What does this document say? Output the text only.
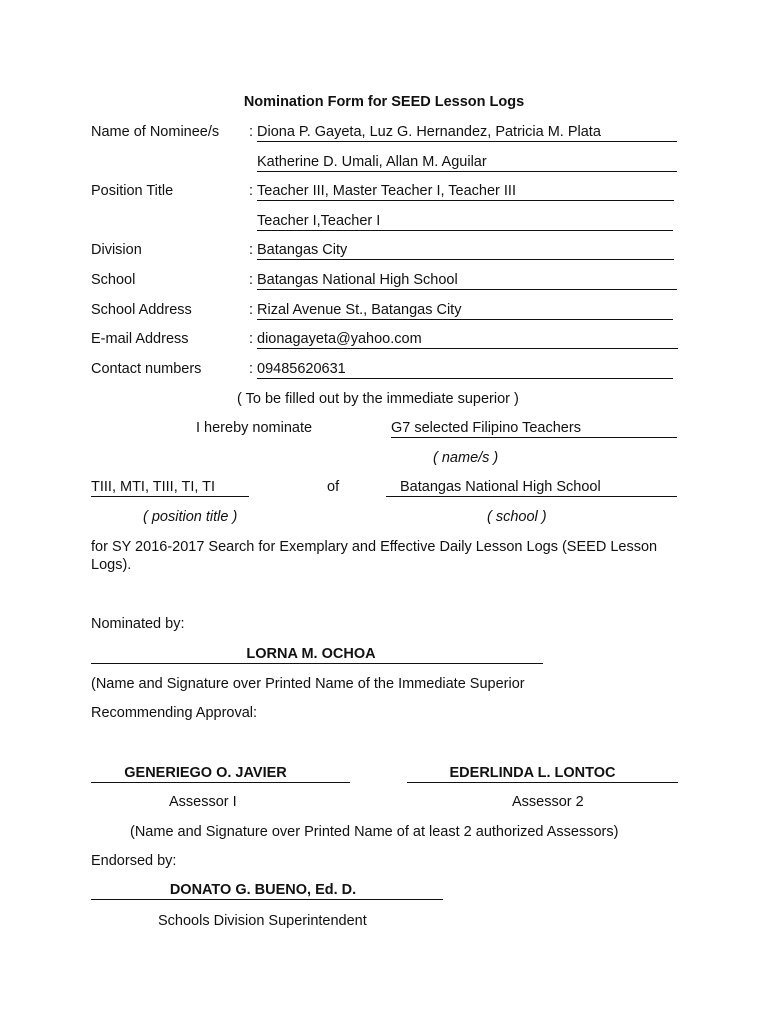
Nomination Form for SEED Lesson Logs
Name of Nominee/s : Diona P. Gayeta, Luz G. Hernandez, Patricia M. Plata
Katherine D. Umali, Allan M. Aguilar
Position Title	: Teacher III, Master Teacher I, Teacher III
Teacher I,Teacher I
Division	: Batangas City
School	: Batangas National High School
School Address	: Rizal Avenue St., Batangas City
E-mail Address	: dionagayeta@yahoo.com
Contact numbers	: 09485620631
( To be filled out by the immediate superior )
I hereby nominate	G7 selected Filipino Teachers
( name/s )
TIII, MTI, TIII, TI, TI	of	Batangas National High School
( position title )	( school )
for SY 2016-2017 Search for Exemplary and Effective Daily Lesson Logs (SEED Lesson
Logs).
Nominated by:
LORNA M. OCHOA
(Name and Signature over Printed Name of the Immediate Superior
Recommending Approval:
GENERIEGO O. JAVIER	EDERLINDA L. LONTOC
Assessor I	Assessor 2
(Name and Signature over Printed Name of at least 2 authorized Assessors)
Endorsed by:
DONATO G. BUENO, Ed. D.
Schools Division Superintendent
